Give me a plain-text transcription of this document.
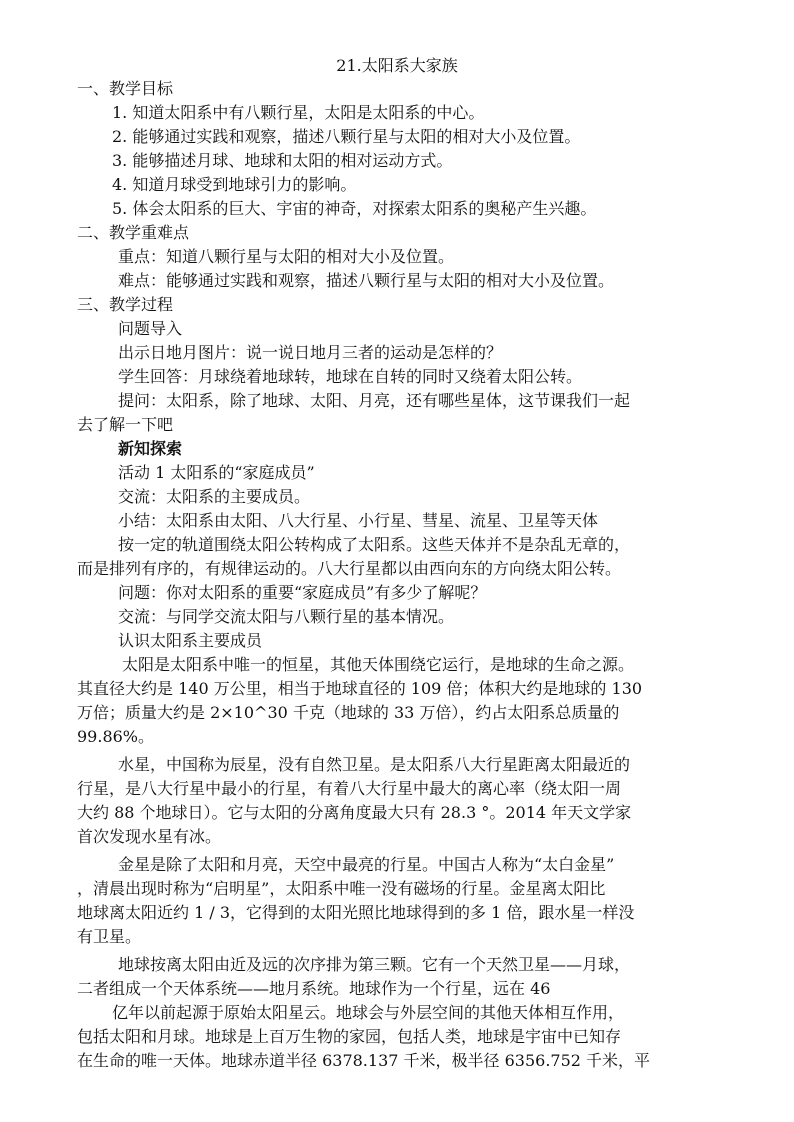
21.太阳系大家族
一、教学目标
1. 知道太阳系中有八颗行星，太阳是太阳系的中心。
2. 能够通过实践和观察，描述八颗行星与太阳的相对大小及位置。
3. 能够描述月球、地球和太阳的相对运动方式。
4. 知道月球受到地球引力的影响。
5. 体会太阳系的巨大、宇宙的神奇，对探索太阳系的奥秘产生兴趣。
二、教学重难点
重点：知道八颗行星与太阳的相对大小及位置。
难点：能够通过实践和观察，描述八颗行星与太阳的相对大小及位置。
三、教学过程
问题导入
出示日地月图片：说一说日地月三者的运动是怎样的？
学生回答：月球绕着地球转，地球在自转的同时又绕着太阳公转。
提问：太阳系，除了地球、太阳、月亮，还有哪些星体，这节课我们一起
去了解一下吧
新知探索
活动 1 太阳系的“家庭成员”
交流：太阳系的主要成员。
小结：太阳系由太阳、八大行星、小行星、彗星、流星、卫星等天体
按一定的轨道围绕太阳公转构成了太阳系。这些天体并不是杂乱无章的，
而是排列有序的，有规律运动的。八大行星都以由西向东的方向绕太阳公转。
问题：你对太阳系的重要“家庭成员”有多少了解呢？
交流：与同学交流太阳与八颗行星的基本情况。
认识太阳系主要成员
太阳是太阳系中唯一的恒星，其他天体围绕它运行，是地球的生命之源。
其直径大约是 140 万公里，相当于地球直径的 109 倍；体积大约是地球的 130
万倍；质量大约是 2×10^30 千克（地球的 33 万倍），约占太阳系总质量的
99.86%。
水星，中国称为辰星，没有自然卫星。是太阳系八大行星距离太阳最近的
行星，是八大行星中最小的行星，有着八大行星中最大的离心率（绕太阳一周
大约 88 个地球日）。它与太阳的分离角度最大只有 28.3 °。2014 年天文学家
首次发现水星有冰。
金星是除了太阳和月亮，天空中最亮的行星。中国古人称为“太白金星”
，清晨出现时称为“启明星”，太阳系中唯一没有磁场的行星。金星离太阳比
地球离太阳近约 1 / 3，它得到的太阳光照比地球得到的多 1 倍，跟水星一样没
有卫星。
地球按离太阳由近及远的次序排为第三颗。它有一个天然卫星——月球，
二者组成一个天体系统——地月系统。地球作为一个行星，远在 46
亿年以前起源于原始太阳星云。地球会与外层空间的其他天体相互作用，
包括太阳和月球。地球是上百万生物的家园，包括人类，地球是宇宙中已知存
在生命的唯一天体。地球赤道半径 6378.137 千米，极半径 6356.752 千米，平
